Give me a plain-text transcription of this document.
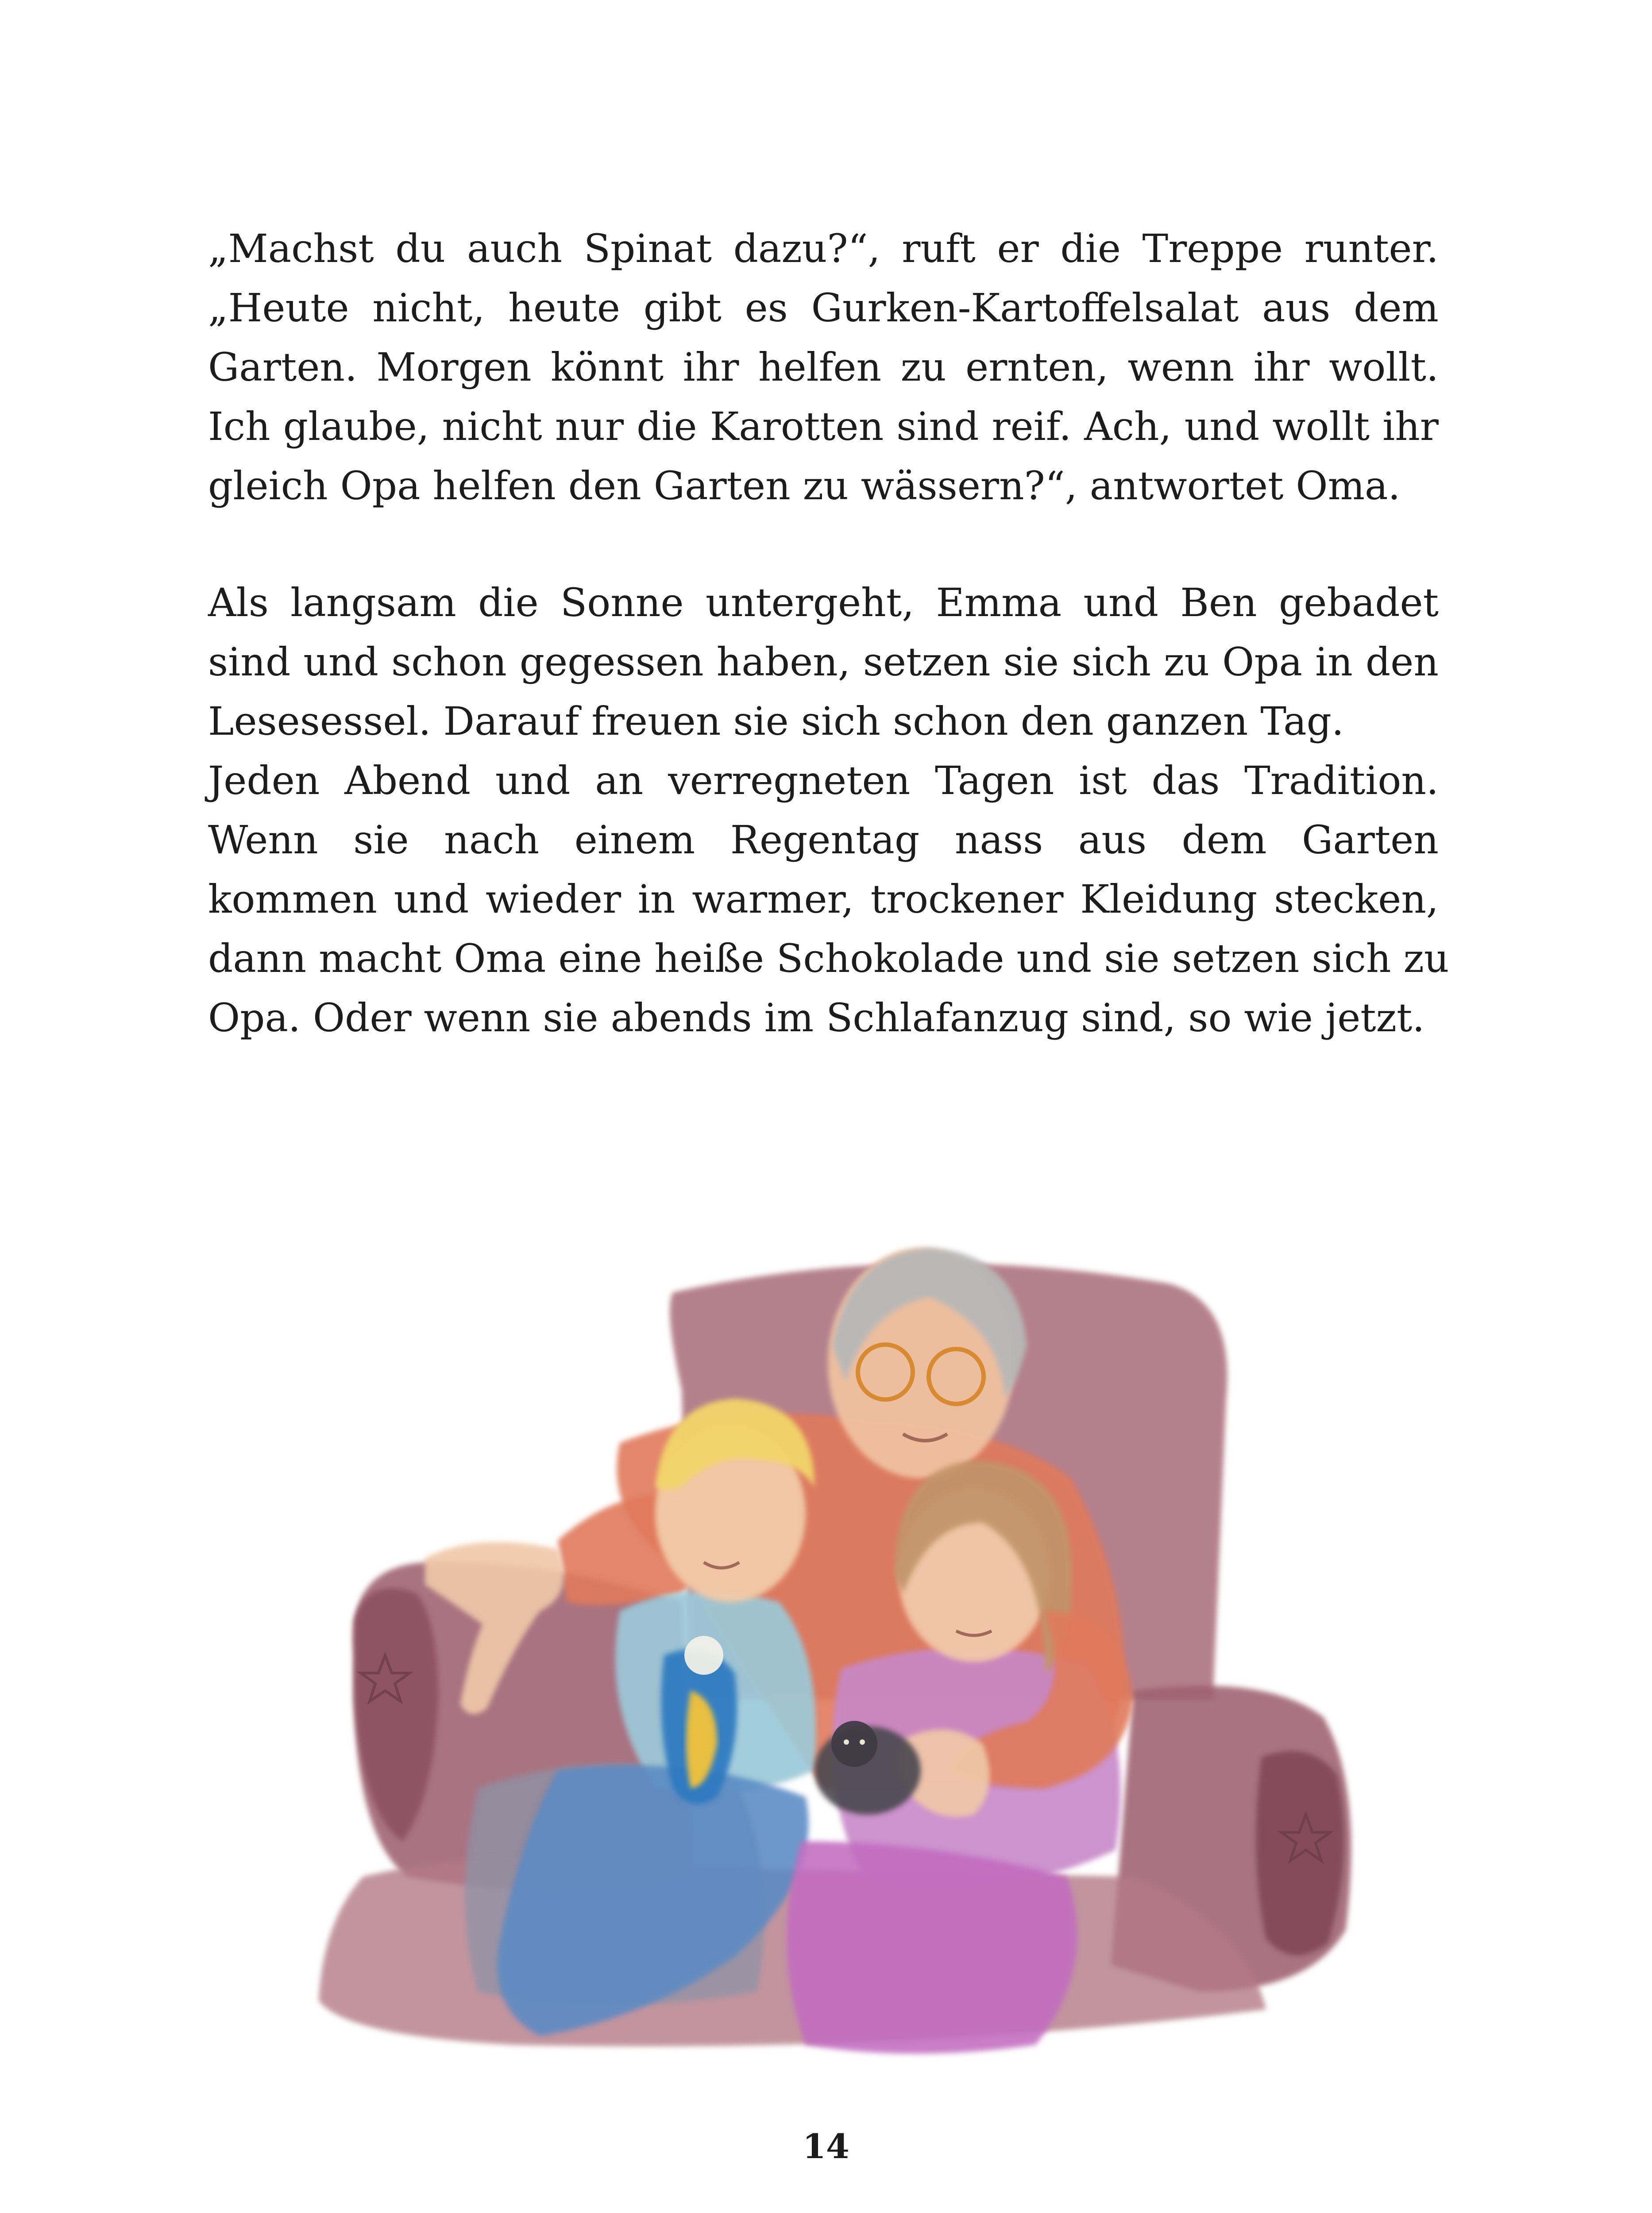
„Machst du auch Spinat dazu?“, ruft er die Treppe runter.
„Heute nicht, heute gibt es Gurken-Kartoffelsalat aus dem
Garten. Morgen könnt ihr helfen zu ernten, wenn ihr wollt.
Ich glaube, nicht nur die Karotten sind reif. Ach, und wollt ihr
gleich Opa helfen den Garten zu wässern?“, antwortet Oma.
Als langsam die Sonne untergeht, Emma und Ben gebadet
sind und schon gegessen haben, setzen sie sich zu Opa in den
Lesesessel. Darauf freuen sie sich schon den ganzen Tag.
Jeden Abend und an verregneten Tagen ist das Tradition.
Wenn sie nach einem Regentag nass aus dem Garten
kommen und wieder in warmer, trockener Kleidung stecken,
dann macht Oma eine heiße Schokolade und sie setzen sich zu
Opa. Oder wenn sie abends im Schlafanzug sind, so wie jetzt.
14
